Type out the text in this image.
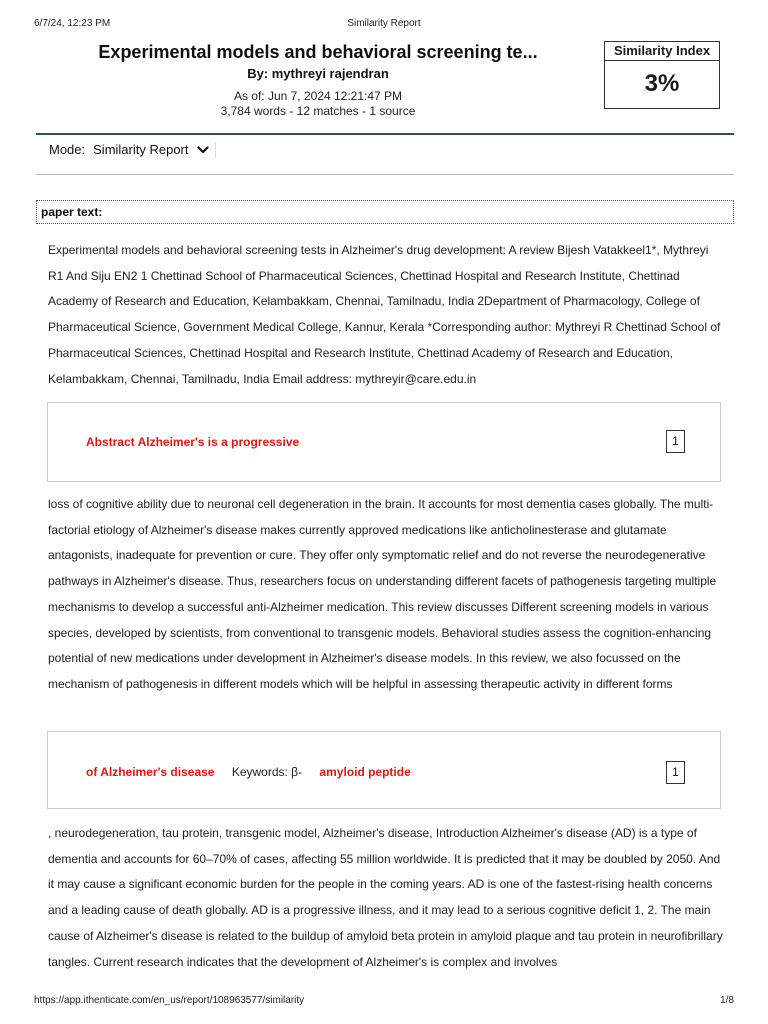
6/7/24, 12:23 PM	Similarity Report
Experimental models and behavioral screening te...
By: mythreyi rajendran
As of: Jun 7, 2024 12:21:47 PM
3,784 words - 12 matches - 1 source
Similarity Index
3%
Mode: Similarity Report
paper text:
Experimental models and behavioral screening tests in Alzheimer's drug development: A review Bijesh Vatakkeel1*, Mythreyi R1 And Siju EN2 1 Chettinad School of Pharmaceutical Sciences, Chettinad Hospital and Research Institute, Chettinad Academy of Research and Education, Kelambakkam, Chennai, Tamilnadu, India 2Department of Pharmacology, College of Pharmaceutical Science, Government Medical College, Kannur, Kerala *Corresponding author: Mythreyi R Chettinad School of Pharmaceutical Sciences, Chettinad Hospital and Research Institute, Chettinad Academy of Research and Education, Kelambakkam, Chennai, Tamilnadu, India Email address: mythreyir@care.edu.in
Abstract Alzheimer's is a progressive	1
loss of cognitive ability due to neuronal cell degeneration in the brain. It accounts for most dementia cases globally. The multi-factorial etiology of Alzheimer's disease makes currently approved medications like anticholinesterase and glutamate antagonists, inadequate for prevention or cure. They offer only symptomatic relief and do not reverse the neurodegenerative pathways in Alzheimer's disease. Thus, researchers focus on understanding different facets of pathogenesis targeting multiple mechanisms to develop a successful anti-Alzheimer medication. This review discusses Different screening models in various species, developed by scientists, from conventional to transgenic models. Behavioral studies assess the cognition-enhancing potential of new medications under development in Alzheimer's disease models. In this review, we also focussed on the mechanism of pathogenesis in different models which will be helpful in assessing therapeutic activity in different forms
of Alzheimer's disease Keywords: β- amyloid peptide	1
, neurodegeneration, tau protein, transgenic model, Alzheimer's disease, Introduction Alzheimer's disease (AD) is a type of dementia and accounts for 60–70% of cases, affecting 55 million worldwide. It is predicted that it may be doubled by 2050. And it may cause a significant economic burden for the people in the coming years. AD is one of the fastest-rising health concerns and a leading cause of death globally. AD is a progressive illness, and it may lead to a serious cognitive deficit 1, 2. The main cause of Alzheimer's disease is related to the buildup of amyloid beta protein in amyloid plaque and tau protein in neurofibrillary tangles. Current research indicates that the development of Alzheimer's is complex and involves
https://app.ithenticate.com/en_us/report/108963577/similarity	1/8
